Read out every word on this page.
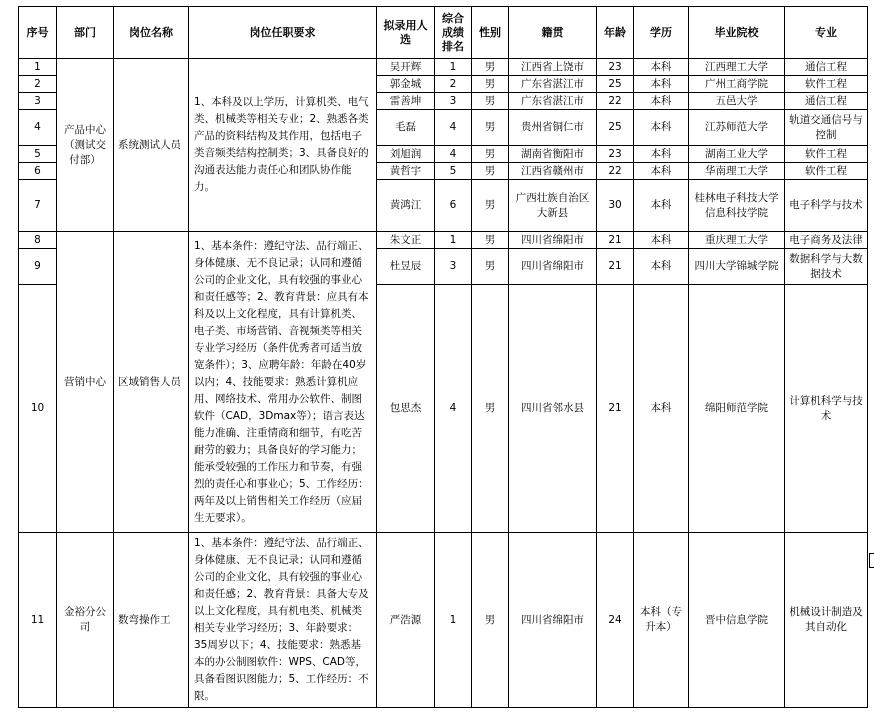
序号	部门	岗位名称	岗位任职要求	拟录用人选	综合成绩排名	性别	籍贯	年龄	学历	毕业院校	专业
1	产品中心（测试交付部）	系统测试人员	1、本科及以上学历，计算机类、电气类、机械类等相关专业；2、熟悉各类产品的资料结构及其作用，包括电子类音频类结构控制类；3、具备良好的沟通表达能力责任心和团队协作能力。	吴开辉	1	男	江西省上饶市	23	本科	江西理工大学	通信工程
2				郭金城	2	男	广东省湛江市	25	本科	广州工商学院	软件工程
3				雷善坤	3	男	广东省湛江市	22	本科	五邑大学	通信工程
4				毛磊	4	男	贵州省铜仁市	25	本科	江苏师范大学	轨道交通信号与控制
5				刘旭润	4	男	湖南省衡阳市	23	本科	湖南工业大学	软件工程
6				黄哲宇	5	男	江西省赣州市	22	本科	华南理工大学	软件工程
7				黄鸿江	6	男	广西壮族自治区大新县	30	本科	桂林电子科技大学信息科技学院	电子科学与技术
8	营销中心	区域销售人员	1、基本条件：遵纪守法、品行端正、身体健康、无不良记录；认同和遵循公司的企业文化，具有较强的事业心和责任感等；2、教育背景：应具有本科及以上文化程度，具有计算机类、电子类、市场营销、音视频类等相关专业学习经历（条件优秀者可适当放宽条件）；3、应聘年龄：年龄在40岁以内；4、技能要求：熟悉计算机应用、网络技术、常用办公软件、制图软件（CAD，3Dmax等）；语言表达能力准确、注重情商和细节，有吃苦耐劳的毅力；具备良好的学习能力；能承受较强的工作压力和节奏，有强烈的责任心和事业心；5、工作经历：两年及以上销售相关工作经历（应届生无要求）。	朱文正	1	男	四川省绵阳市	21	本科	重庆理工大学	电子商务及法律
9				杜昱辰	3	男	四川省绵阳市	21	本科	四川大学锦城学院	数据科学与大数据技术
10				包思杰	4	男	四川省邻水县	21	本科	绵阳师范学院	计算机科学与技术
11	金裕分公司	数弯操作工	1、基本条件：遵纪守法、品行端正、身体健康、无不良记录；认同和遵循公司的企业文化，具有较强的事业心和责任感；2、教育背景：具备大专及以上文化程度，具有机电类、机械类相关专业学习经历；3、年龄要求：35周岁以下；4、技能要求：熟悉基本的办公制图软件：WPS、CAD等，具备看图识图能力；5、工作经历：不限。	严浩源	1	男	四川省绵阳市	24	本科（专升本）	晋中信息学院	机械设计制造及其自动化
